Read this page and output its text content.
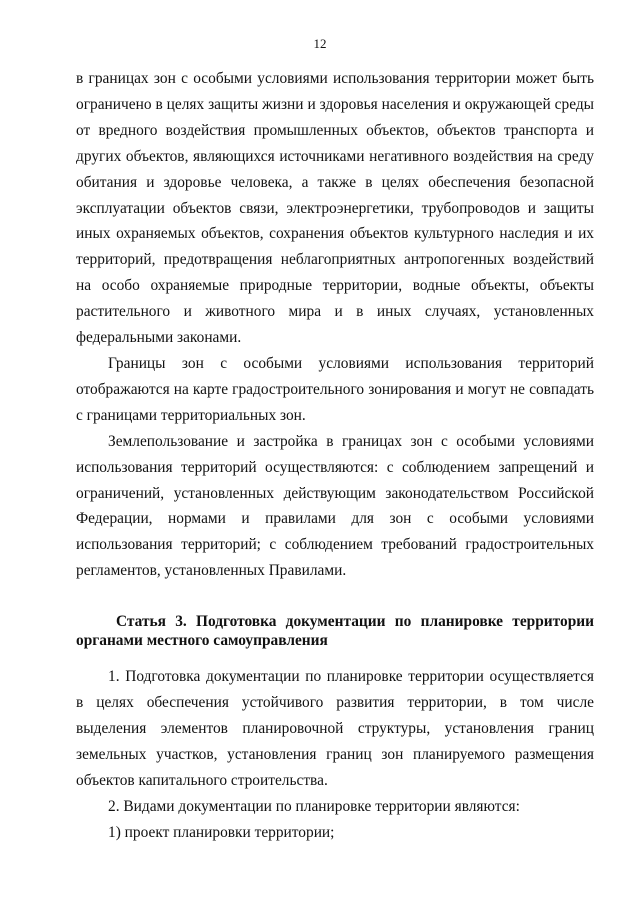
12

в границах зон с особыми условиями использования территории может быть ограничено в целях защиты жизни и здоровья населения и окружающей среды от вредного воздействия промышленных объектов, объектов транспорта и других объектов, являющихся источниками негативного воздействия на среду обитания и здоровье человека, а также в целях обеспечения безопасной эксплуатации объектов связи, электроэнергетики, трубопроводов и защиты иных охраняемых объектов, сохранения объектов культурного наследия и их территорий, предотвращения неблагоприятных антропогенных воздействий на особо охраняемые природные территории, водные объекты, объекты растительного и животного мира и в иных случаях, установленных федеральными законами.

Границы зон с особыми условиями использования территорий отображаются на карте градостроительного зонирования и могут не совпадать с границами территориальных зон.

Землепользование и застройка в границах зон с особыми условиями использования территорий осуществляются: с соблюдением запрещений и ограничений, установленных действующим законодательством Российской Федерации, нормами и правилами для зон с особыми условиями использования территорий; с соблюдением требований градостроительных регламентов, установленных Правилами.

Статья 3. Подготовка документации по планировке территории органами местного самоуправления

1. Подготовка документации по планировке территории осуществляется в целях обеспечения устойчивого развития территории, в том числе выделения элементов планировочной структуры, установления границ земельных участков, установления границ зон планируемого размещения объектов капитального строительства.

2. Видами документации по планировке территории являются:

1) проект планировки территории;
